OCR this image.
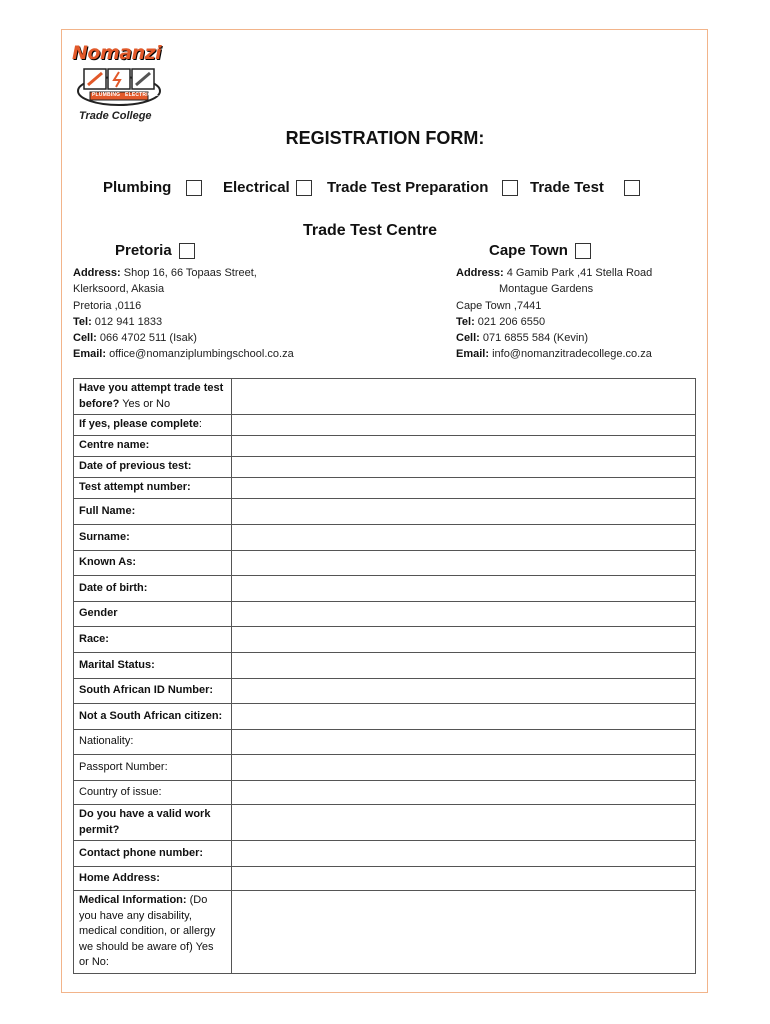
Nomanzi
PLUMBING   ELECTRICAL
Trade College
REGISTRATION FORM:
Plumbing	Electrical Trade Test Preparation	Trade Test
Trade Test Centre
Pretoria
Address: Shop 16, 66 Topaas Street,
Klerksoord, Akasia
Pretoria ,0116
Tel: 012 941 1833
Cell: 066 4702 511 (Isak)
Email: office@nomanziplumbingschool.co.za
Cape Town
Address: 4 Gamib Park ,41 Stella Road
Montague Gardens
Cape Town ,7441
Tel: 021 206 6550
Cell: 071 6855 584 (Kevin)
Email: info@nomanzitradecollege.co.za
Have you attempt trade test before? Yes or No	
If yes, please complete:	
Centre name:	
Date of previous test:	
Test attempt number:	
Full Name:	
Surname:	
Known As:	
Date of birth:	
Gender	
Race:	
Marital Status:	
South African ID Number:	
Not a South African citizen:	
Nationality:	
Passport Number:	
Country of issue:	
Do you have a valid work permit?	
Contact phone number:	
Home Address:	
Medical Information: (Do you have any disability, medical condition, or allergy we should be aware of) Yes or No:	
